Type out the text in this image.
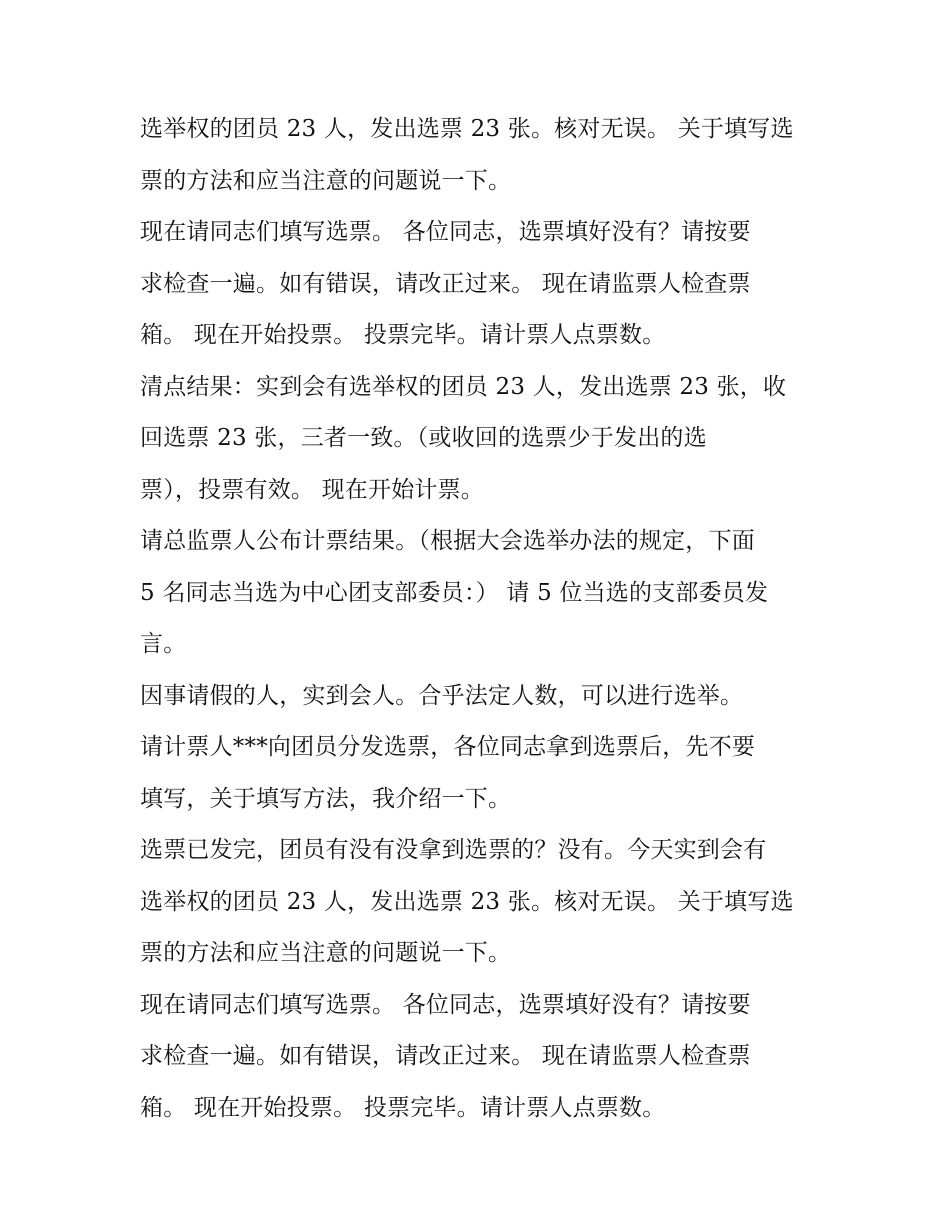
选举权的团员 23 人，发出选票 23 张。核对无误。 关于填写选
票的方法和应当注意的问题说一下。
现在请同志们填写选票。 各位同志，选票填好没有？请按要
求检查一遍。如有错误，请改正过来。 现在请监票人检查票
箱。 现在开始投票。 投票完毕。请计票人点票数。
清点结果：实到会有选举权的团员 23 人，发出选票 23 张，收
回选票 23 张，三者一致。（或收回的选票少于发出的选
票），投票有效。 现在开始计票。
请总监票人公布计票结果。（根据大会选举办法的规定，下面
5 名同志当选为中心团支部委员：） 请 5 位当选的支部委员发
言。
因事请假的人，实到会人。合乎法定人数，可以进行选举。
请计票人***向团员分发选票，各位同志拿到选票后，先不要
填写，关于填写方法，我介绍一下。
选票已发完，团员有没有没拿到选票的？没有。今天实到会有
选举权的团员 23 人，发出选票 23 张。核对无误。 关于填写选
票的方法和应当注意的问题说一下。
现在请同志们填写选票。 各位同志，选票填好没有？请按要
求检查一遍。如有错误，请改正过来。 现在请监票人检查票
箱。 现在开始投票。 投票完毕。请计票人点票数。
